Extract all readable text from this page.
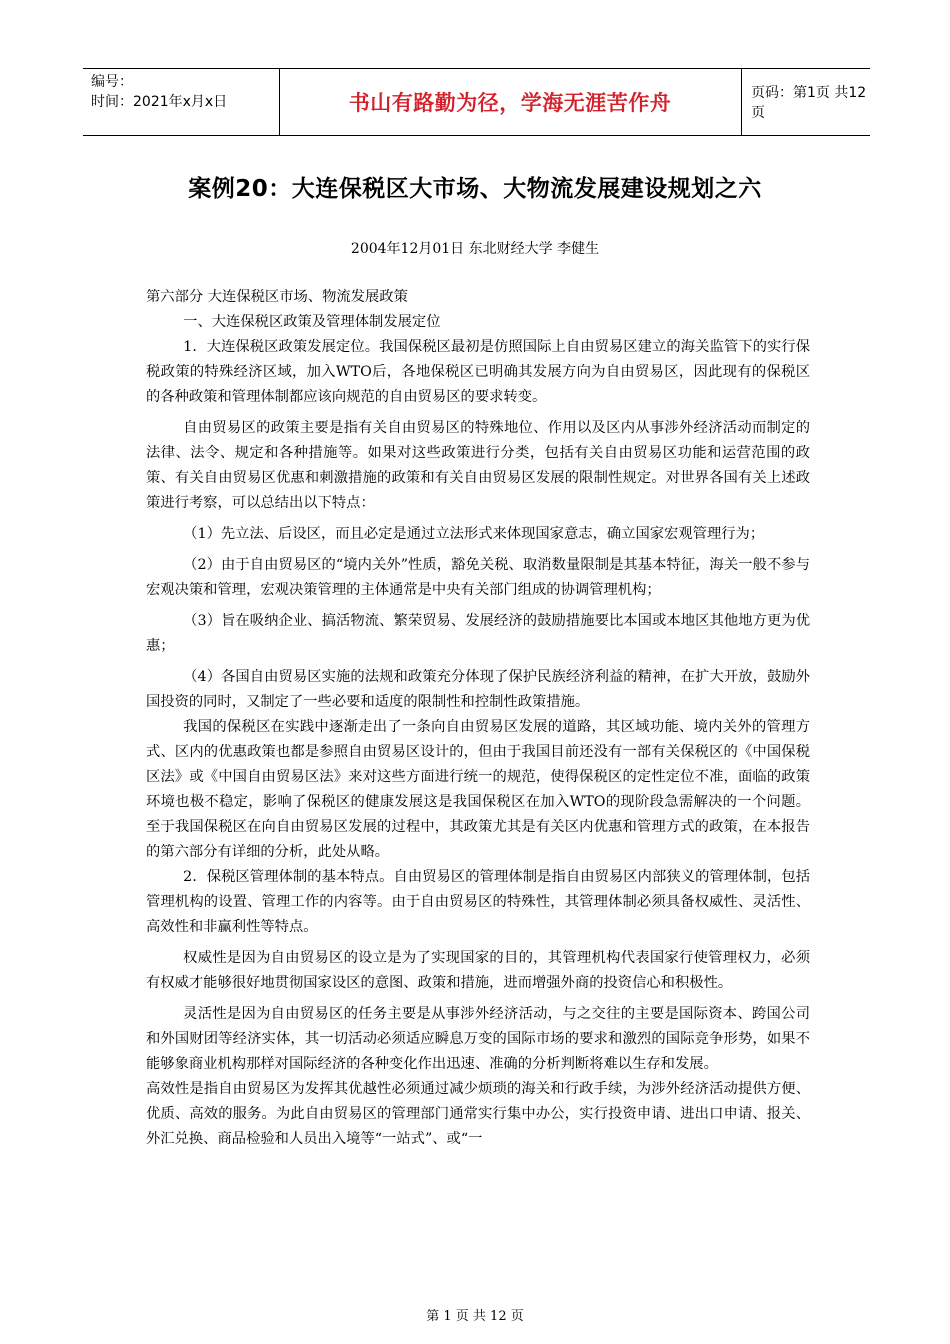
编号：
时间：2021年x月x日	书山有路勤为径，学海无涯苦作舟	页码：第1页 共12页
案例20：大连保税区大市场、大物流发展建设规划之六
2004年12月01日 东北财经大学 李健生

第六部分 大连保税区市场、物流发展政策

一、大连保税区政策及管理体制发展定位

1．大连保税区政策发展定位。我国保税区最初是仿照国际上自由贸易区建立的海关监管下的实行保税政策的特殊经济区域，加入WTO后，各地保税区已明确其发展方向为自由贸易区，因此现有的保税区的各种政策和管理体制都应该向规范的自由贸易区的要求转变。

自由贸易区的政策主要是指有关自由贸易区的特殊地位、作用以及区内从事涉外经济活动而制定的法律、法令、规定和各种措施等。如果对这些政策进行分类，包括有关自由贸易区功能和运营范围的政策、有关自由贸易区优惠和刺激措施的政策和有关自由贸易区发展的限制性规定。对世界各国有关上述政策进行考察，可以总结出以下特点：

（1）先立法、后设区，而且必定是通过立法形式来体现国家意志，确立国家宏观管理行为；

（2）由于自由贸易区的“境内关外”性质，豁免关税、取消数量限制是其基本特征，海关一般不参与宏观决策和管理，宏观决策管理的主体通常是中央有关部门组成的协调管理机构；

（3）旨在吸纳企业、搞活物流、繁荣贸易、发展经济的鼓励措施要比本国或本地区其他地方更为优惠；

（4）各国自由贸易区实施的法规和政策充分体现了保护民族经济利益的精神，在扩大开放，鼓励外国投资的同时，又制定了一些必要和适度的限制性和控制性政策措施。

我国的保税区在实践中逐渐走出了一条向自由贸易区发展的道路，其区域功能、境内关外的管理方式、区内的优惠政策也都是参照自由贸易区设计的，但由于我国目前还没有一部有关保税区的《中国保税区法》或《中国自由贸易区法》来对这些方面进行统一的规范，使得保税区的定性定位不准，面临的政策环境也极不稳定，影响了保税区的健康发展这是我国保税区在加入WTO的现阶段急需解决的一个问题。至于我国保税区在向自由贸易区发展的过程中，其政策尤其是有关区内优惠和管理方式的政策，在本报告的第六部分有详细的分析，此处从略。

2．保税区管理体制的基本特点。自由贸易区的管理体制是指自由贸易区内部狭义的管理体制，包括管理机构的设置、管理工作的内容等。由于自由贸易区的特殊性，其管理体制必须具备权威性、灵活性、高效性和非赢利性等特点。

权威性是因为自由贸易区的设立是为了实现国家的目的，其管理机构代表国家行使管理权力，必须有权威才能够很好地贯彻国家设区的意图、政策和措施，进而增强外商的投资信心和积极性。

灵活性是因为自由贸易区的任务主要是从事涉外经济活动，与之交往的主要是国际资本、跨国公司和外国财团等经济实体，其一切活动必须适应瞬息万变的国际市场的要求和激烈的国际竞争形势，如果不能够象商业机构那样对国际经济的各种变化作出迅速、准确的分析判断将难以生存和发展。

高效性是指自由贸易区为发挥其优越性必须通过减少烦琐的海关和行政手续，为涉外经济活动提供方便、优质、高效的服务。为此自由贸易区的管理部门通常实行集中办公，实行投资申请、进出口申请、报关、外汇兑换、商品检验和人员出入境等“一站式”、或“一

第 1 页 共 12 页
